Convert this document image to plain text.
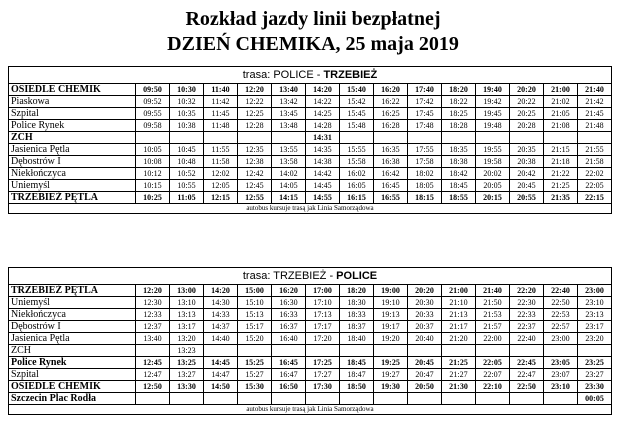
Rozkład jazdy linii bezpłatnej
DZIEŃ CHEMIKA, 25 maja 2019
trasa: POLICE - TRZEBIEŻ														
OSIEDLE CHEMIK	09:50	10:30	11:40	12:20	13:40	14:20	15:40	16:20	17:40	18:20	19:40	20:20	21:00	21:40
Piaskowa	09:52	10:32	11:42	12:22	13:42	14:22	15:42	16:22	17:42	18:22	19:42	20:22	21:02	21:42
Szpital	09:55	10:35	11:45	12:25	13:45	14:25	15:45	16:25	17:45	18:25	19:45	20:25	21:05	21:45
Police Rynek	09:58	10:38	11:48	12:28	13:48	14:28	15:48	16:28	17:48	18:28	19:48	20:28	21:08	21:48
ZCH						14:31								
Jasienica Pętla	10:05	10:45	11:55	12:35	13:55	14:35	15:55	16:35	17:55	18:35	19:55	20:35	21:15	21:55
Dębostrów I	10:08	10:48	11:58	12:38	13:58	14:38	15:58	16:38	17:58	18:38	19:58	20:38	21:18	21:58
Niekłończyca	10:12	10:52	12:02	12:42	14:02	14:42	16:02	16:42	18:02	18:42	20:02	20:42	21:22	22:02
Uniemyśl	10:15	10:55	12:05	12:45	14:05	14:45	16:05	16:45	18:05	18:45	20:05	20:45	21:25	22:05
TRZEBIEŻ PĘTLA	10:25	11:05	12:15	12:55	14:15	14:55	16:15	16:55	18:15	18:55	20:15	20:55	21:35	22:15
autobus kursuje trasą jak Linia Samorządowa														
trasa: TRZEBIEŻ - POLICE														
TRZEBIEŻ PĘTLA	12:20	13:00	14:20	15:00	16:20	17:00	18:20	19:00	20:20	21:00	21:40	22:20	22:40	23:00
Uniemyśl	12:30	13:10	14:30	15:10	16:30	17:10	18:30	19:10	20:30	21:10	21:50	22:30	22:50	23:10
Niekłończyca	12:33	13:13	14:33	15:13	16:33	17:13	18:33	19:13	20:33	21:13	21:53	22:33	22:53	23:13
Dębostrów I	12:37	13:17	14:37	15:17	16:37	17:17	18:37	19:17	20:37	21:17	21:57	22:37	22:57	23:17
Jasienica Pętla	13:40	13:20	14:40	15:20	16:40	17:20	18:40	19:20	20:40	21:20	22:00	22:40	23:00	23:20
ZCH		13:23												
Police Rynek	12:45	13:25	14:45	15:25	16:45	17:25	18:45	19:25	20:45	21:25	22:05	22:45	23:05	23:25
Szpital	12:47	13:27	14:47	15:27	16:47	17:27	18:47	19:27	20:47	21:27	22:07	22:47	23:07	23:27
OSIEDLE CHEMIK	12:50	13:30	14:50	15:30	16:50	17:30	18:50	19:30	20:50	21:30	22:10	22:50	23:10	23:30
Szczecin Plac Rodła														00:05
autobus kursuje trasą jak Linia Samorządowa														
